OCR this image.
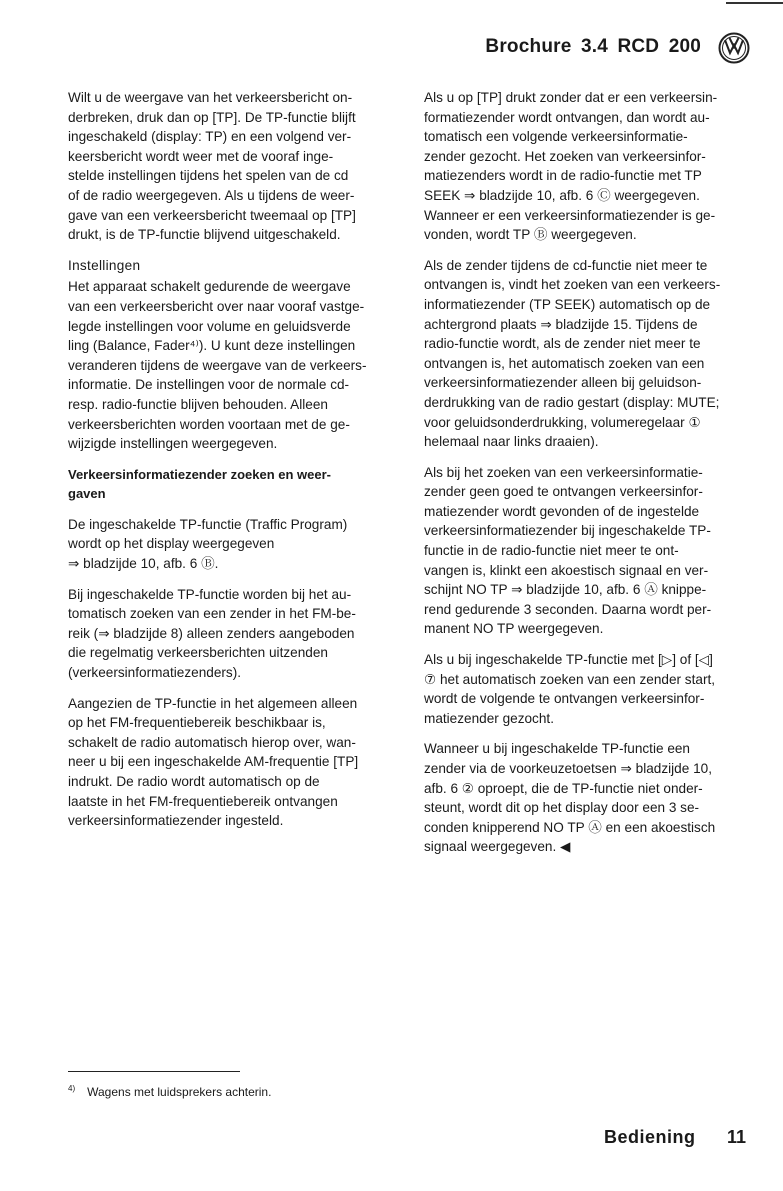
Brochure 3.4 RCD 200
Wilt u de weergave van het verkeersbericht on-
derbreken, druk dan op [TP]. De TP-functie blijft
ingeschakeld (display: TP) en een volgend ver-
keersbericht wordt weer met de vooraf inge-
stelde instellingen tijdens het spelen van de cd
of de radio weergegeven. Als u tijdens de weer-
gave van een verkeersbericht tweemaal op [TP]
drukt, is de TP-functie blijvend uitgeschakeld.
Instellingen
Het apparaat schakelt gedurende de weergave
van een verkeersbericht over naar vooraf vastge-
legde instellingen voor volume en geluidsverde
ling (Balance, Fader⁴⁾). U kunt deze instellingen
veranderen tijdens de weergave van de verkeers-
informatie. De instellingen voor de normale cd-
resp. radio-functie blijven behouden. Alleen
verkeersberichten worden voortaan met de ge-
wijzigde instellingen weergegeven.
Verkeersinformatiezender zoeken en weer-
gaven
De ingeschakelde TP-functie (Traffic Program)
wordt op het display weergegeven
⇒ bladzijde 10, afb. 6 Ⓑ.
Bij ingeschakelde TP-functie worden bij het au-
tomatisch zoeken van een zender in het FM-be-
reik (⇒ bladzijde 8) alleen zenders aangeboden
die regelmatig verkeersberichten uitzenden
(verkeersinformatiezenders).
Aangezien de TP-functie in het algemeen alleen
op het FM-frequentiebereik beschikbaar is,
schakelt de radio automatisch hierop over, wan-
neer u bij een ingeschakelde AM-frequentie [TP]
indrukt. De radio wordt automatisch op de
laatste in het FM-frequentiebereik ontvangen
verkeersinformatiezender ingesteld.
Als u op [TP] drukt zonder dat er een verkeersin-
formatiezender wordt ontvangen, dan wordt au-
tomatisch een volgende verkeersinformatie-
zender gezocht. Het zoeken van verkeersinfor-
matiezenders wordt in de radio-functie met TP
SEEK ⇒ bladzijde 10, afb. 6 Ⓒ weergegeven.
Wanneer er een verkeersinformatiezender is ge-
vonden, wordt TP Ⓑ weergegeven.
Als de zender tijdens de cd-functie niet meer te
ontvangen is, vindt het zoeken van een verkeers-
informatiezender (TP SEEK) automatisch op de
achtergrond plaats ⇒ bladzijde 15. Tijdens de
radio-functie wordt, als de zender niet meer te
ontvangen is, het automatisch zoeken van een
verkeersinformatiezender alleen bij geluidson-
derdrukking van de radio gestart (display: MUTE;
voor geluidsonderdrukking, volumeregelaar ①
helemaal naar links draaien).
Als bij het zoeken van een verkeersinformatie-
zender geen goed te ontvangen verkeersinfor-
matiezender wordt gevonden of de ingestelde
verkeersinformatiezender bij ingeschakelde TP-
functie in de radio-functie niet meer te ont-
vangen is, klinkt een akoestisch signaal en ver-
schijnt NO TP ⇒ bladzijde 10, afb. 6 Ⓐ knippe-
rend gedurende 3 seconden. Daarna wordt per-
manent NO TP weergegeven.
Als u bij ingeschakelde TP-functie met [▷] of [◁]
⑦ het automatisch zoeken van een zender start,
wordt de volgende te ontvangen verkeersinfor-
matiezender gezocht.
Wanneer u bij ingeschakelde TP-functie een
zender via de voorkeuzetoetsen ⇒ bladzijde 10,
afb. 6 ② oproept, die de TP-functie niet onder-
steunt, wordt dit op het display door een 3 se-
conden knipperend NO TP Ⓐ en een akoestisch
signaal weergegeven. ◀
$^{4)}$ Wagens met luidsprekers achterin.
Bediening 11
